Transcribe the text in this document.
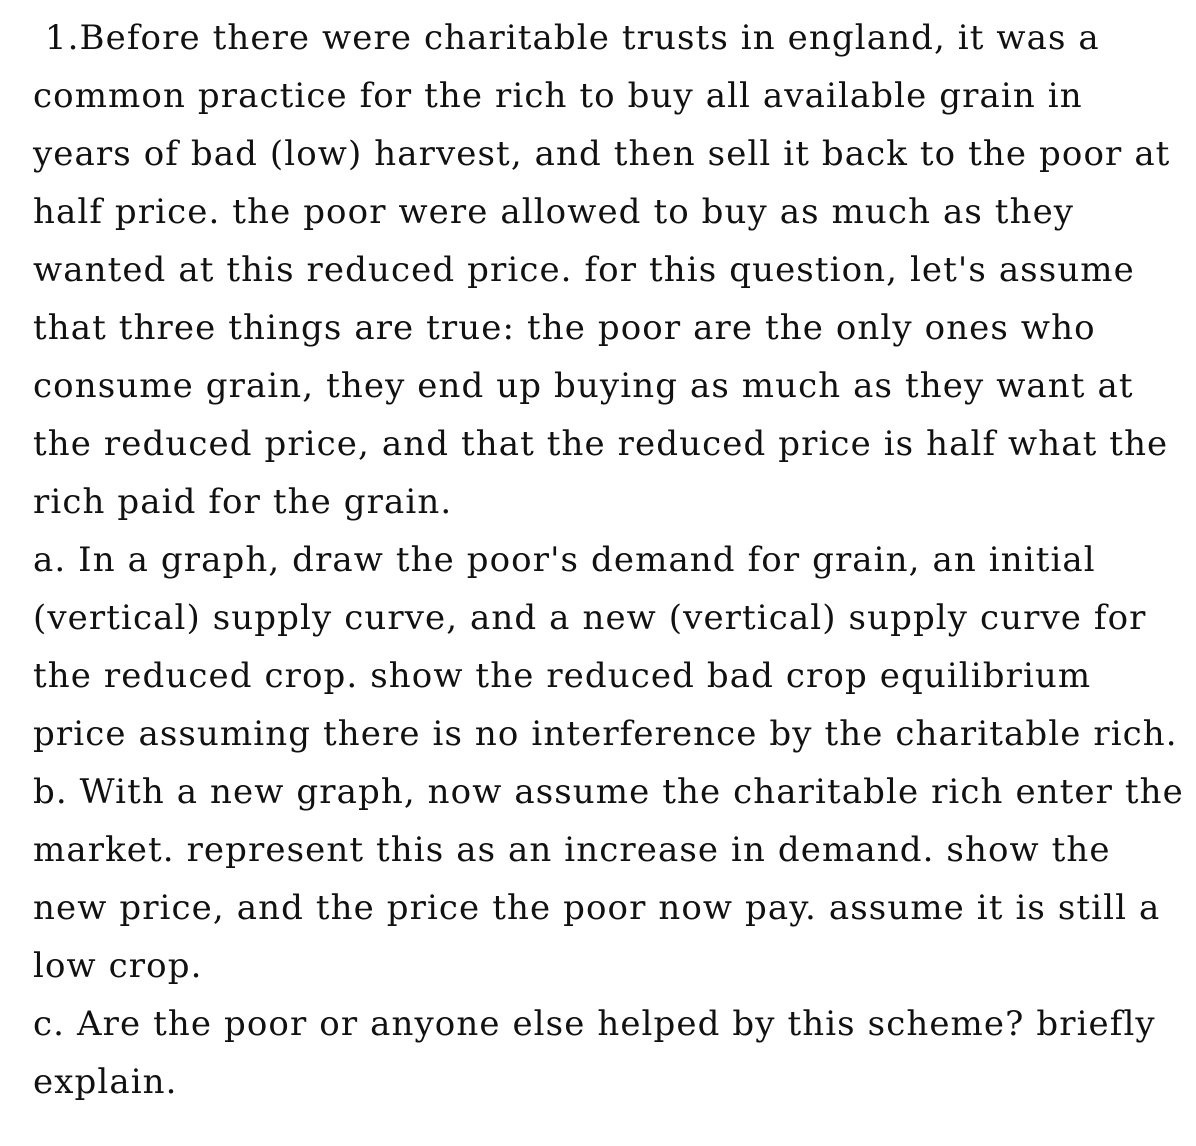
1.Before there were charitable trusts in england, it was a
common practice for the rich to buy all available grain in
years of bad (low) harvest, and then sell it back to the poor at
half price. the poor were allowed to buy as much as they
wanted at this reduced price. for this question, let's assume
that three things are true: the poor are the only ones who
consume grain, they end up buying as much as they want at
the reduced price, and that the reduced price is half what the
rich paid for the grain.
a. In a graph, draw the poor's demand for grain, an initial
(vertical) supply curve, and a new (vertical) supply curve for
the reduced crop. show the reduced bad crop equilibrium
price assuming there is no interference by the charitable rich.
b. With a new graph, now assume the charitable rich enter the
market. represent this as an increase in demand. show the
new price, and the price the poor now pay. assume it is still a
low crop.
c. Are the poor or anyone else helped by this scheme? briefly
explain.
